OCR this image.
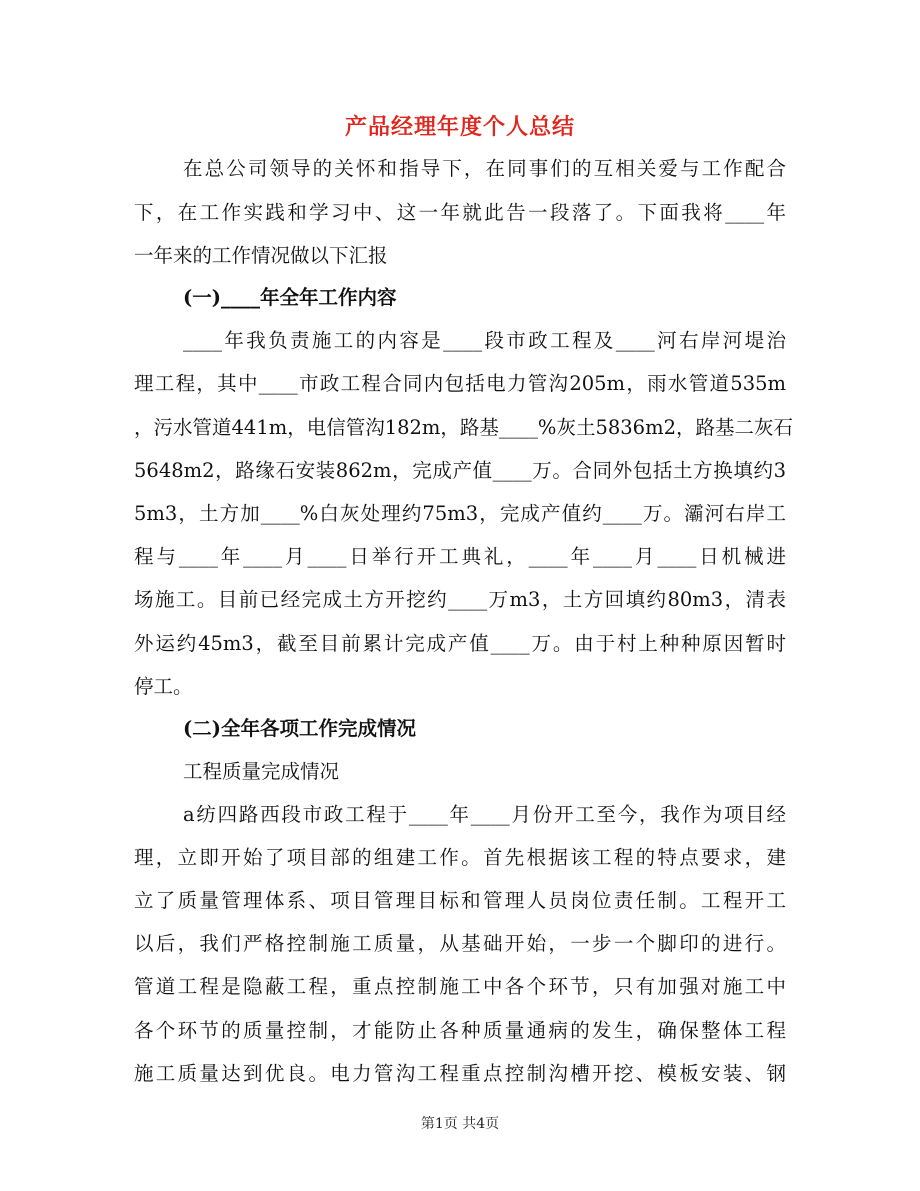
产品经理年度个人总结

在总公司领导的关怀和指导下，在同事们的互相关爱与工作配合

下，在工作实践和学习中、这一年就此告一段落了。下面我将____年

一年来的工作情况做以下汇报

(一)____年全年工作内容

____年我负责施工的内容是____段市政工程及____河右岸河堤治

理工程，其中____市政工程合同内包括电力管沟205m，雨水管道535m

，污水管道441m，电信管沟182m，路基____%灰土5836m2，路基二灰石

5648m2，路缘石安装862m，完成产值____万。合同外包括土方换填约3

5m3，土方加____%白灰处理约75m3，完成产值约____万。灞河右岸工

程与____年____月____日举行开工典礼，____年____月____日机械进

场施工。目前已经完成土方开挖约____万m3，土方回填约80m3，清表

外运约45m3，截至目前累计完成产值____万。由于村上种种原因暂时

停工。

(二)全年各项工作完成情况

工程质量完成情况

a纺四路西段市政工程于____年____月份开工至今，我作为项目经

理，立即开始了项目部的组建工作。首先根据该工程的特点要求，建

立了质量管理体系、项目管理目标和管理人员岗位责任制。工程开工

以后，我们严格控制施工质量，从基础开始，一步一个脚印的进行。

管道工程是隐蔽工程，重点控制施工中各个环节，只有加强对施工中

各个环节的质量控制，才能防止各种质量通病的发生，确保整体工程

施工质量达到优良。电力管沟工程重点控制沟槽开挖、模板安装、钢

第1页 共4页
